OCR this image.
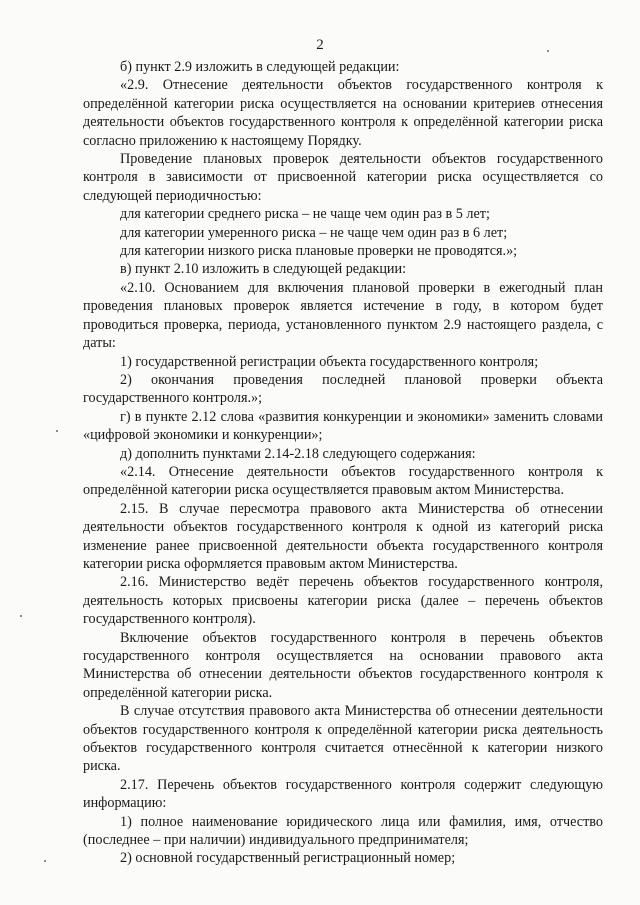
2

б) пункт 2.9 изложить в следующей редакции:

«2.9. Отнесение деятельности объектов государственного контроля к определённой категории риска осуществляется на основании критериев отнесения деятельности объектов государственного контроля к определённой категории риска согласно приложению к настоящему Порядку.

Проведение плановых проверок деятельности объектов государственного контроля в зависимости от присвоенной категории риска осуществляется со следующей периодичностью:

для категории среднего риска – не чаще чем один раз в 5 лет;

для категории умеренного риска – не чаще чем один раз в 6 лет;

для категории низкого риска плановые проверки не проводятся.»;

в) пункт 2.10 изложить в следующей редакции:

«2.10. Основанием для включения плановой проверки в ежегодный план проведения плановых проверок является истечение в году, в котором будет проводиться проверка, периода, установленного пунктом 2.9 настоящего раздела, с даты:

1) государственной регистрации объекта государственного контроля;

2) окончания проведения последней плановой проверки объекта государственного контроля.»;

г) в пункте 2.12 слова «развития конкуренции и экономики» заменить словами «цифровой экономики и конкуренции»;

д) дополнить пунктами 2.14-2.18 следующего содержания:

«2.14. Отнесение деятельности объектов государственного контроля к определённой категории риска осуществляется правовым актом Министерства.

2.15. В случае пересмотра правового акта Министерства об отнесении деятельности объектов государственного контроля к одной из категорий риска изменение ранее присвоенной деятельности объекта государственного контроля категории риска оформляется правовым актом Министерства.

2.16. Министерство ведёт перечень объектов государственного контроля, деятельность которых присвоены категории риска (далее – перечень объектов государственного контроля).

Включение объектов государственного контроля в перечень объектов государственного контроля осуществляется на основании правового акта Министерства об отнесении деятельности объектов государственного контроля к определённой категории риска.

В случае отсутствия правового акта Министерства об отнесении деятельности объектов государственного контроля к определённой категории риска деятельность объектов государственного контроля считается отнесённой к категории низкого риска.

2.17. Перечень объектов государственного контроля содержит следующую информацию:

1) полное наименование юридического лица или фамилия, имя, отчество (последнее – при наличии) индивидуального предпринимателя;

2) основной государственный регистрационный номер;
